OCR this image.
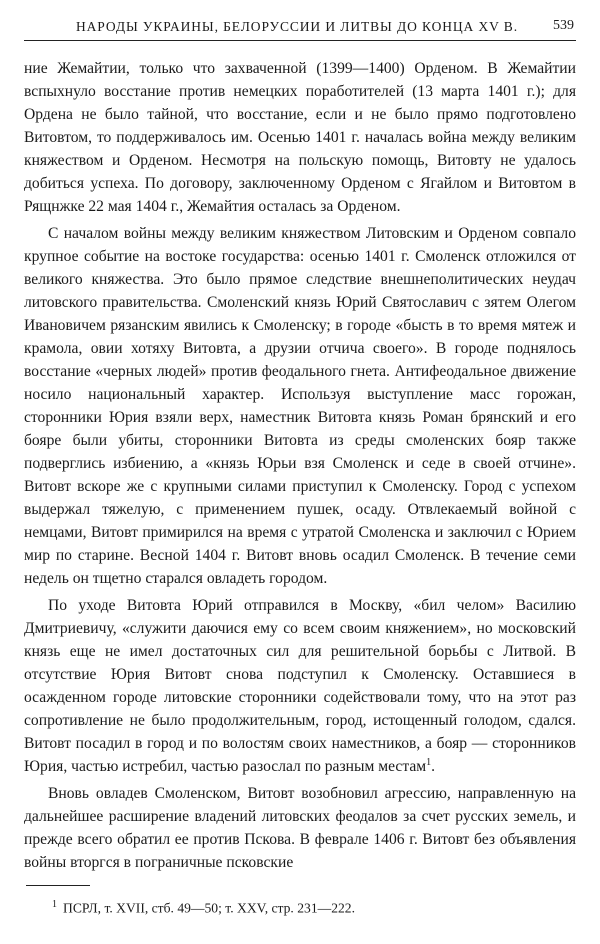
НАРОДЫ УКРАИНЫ, БЕЛОРУССИИ И ЛИТВЫ ДО КОНЦА XV В.	539

ние Жемайтии, только что захваченной (1399—1400) Орденом. В Жемайтии вспыхнуло восстание против немецких поработителей (13 марта 1401 г.); для Ордена не было тайной, что восстание, если и не было прямо подготовлено Витовтом, то поддерживалось им. Осенью 1401 г. началась война между великим княжеством и Орденом. Несмотря на польскую помощь, Витовту не удалось добиться успеха. По договору, заключенному Орденом с Ягайлом и Витовтом в Рящнжке 22 мая 1404 г., Жемайтия осталась за Орденом.

С началом войны между великим княжеством Литовским и Орденом совпало крупное событие на востоке государства: осенью 1401 г. Смоленск отложился от великого княжества. Это было прямое следствие внешнеполитических неудач литовского правительства. Смоленский князь Юрий Святославич с зятем Олегом Ивановичем рязанским явились к Смоленску; в городе «бысть в то время мятеж и крамола, овии хотяху Витовта, а друзии отчича своего». В городе поднялось восстание «черных людей» против феодального гнета. Антифеодальное движение носило национальный характер. Используя выступление масс горожан, сторонники Юрия взяли верх, наместник Витовта князь Роман брянский и его бояре были убиты, сторонники Витовта из среды смоленских бояр также подверглись избиению, а «князь Юрьи взя Смоленск и седе в своей отчине». Витовт вскоре же с крупными силами приступил к Смоленску. Город с успехом выдержал тяжелую, с применением пушек, осаду. Отвлекаемый войной с немцами, Витовт примирился на время с утратой Смоленска и заключил с Юрием мир по старине. Весной 1404 г. Витовт вновь осадил Смоленск. В течение семи недель он тщетно старался овладеть городом.

По уходе Витовта Юрий отправился в Москву, «бил челом» Василию Дмитриевичу, «служити даючися ему со всем своим княжением», но московский князь еще не имел достаточных сил для решительной борьбы с Литвой. В отсутствие Юрия Витовт снова подступил к Смоленску. Оставшиеся в осажденном городе литовские сторонники содействовали тому, что на этот раз сопротивление не было продолжительным, город, истощенный голодом, сдался. Витовт посадил в город и по волостям своих наместников, а бояр — сторонников Юрия, частью истребил, частью разослал по разным местам$^1$.

Вновь овладев Смоленском, Витовт возобновил агрессию, направленную на дальнейшее расширение владений литовских феодалов за счет русских земель, и прежде всего обратил ее против Пскова. В феврале 1406 г. Витовт без объявления войны вторгся в пограничные псковские

$^1$ ПСРЛ, т. XVII, стб. 49—50; т. XXV, стр. 231—222.
